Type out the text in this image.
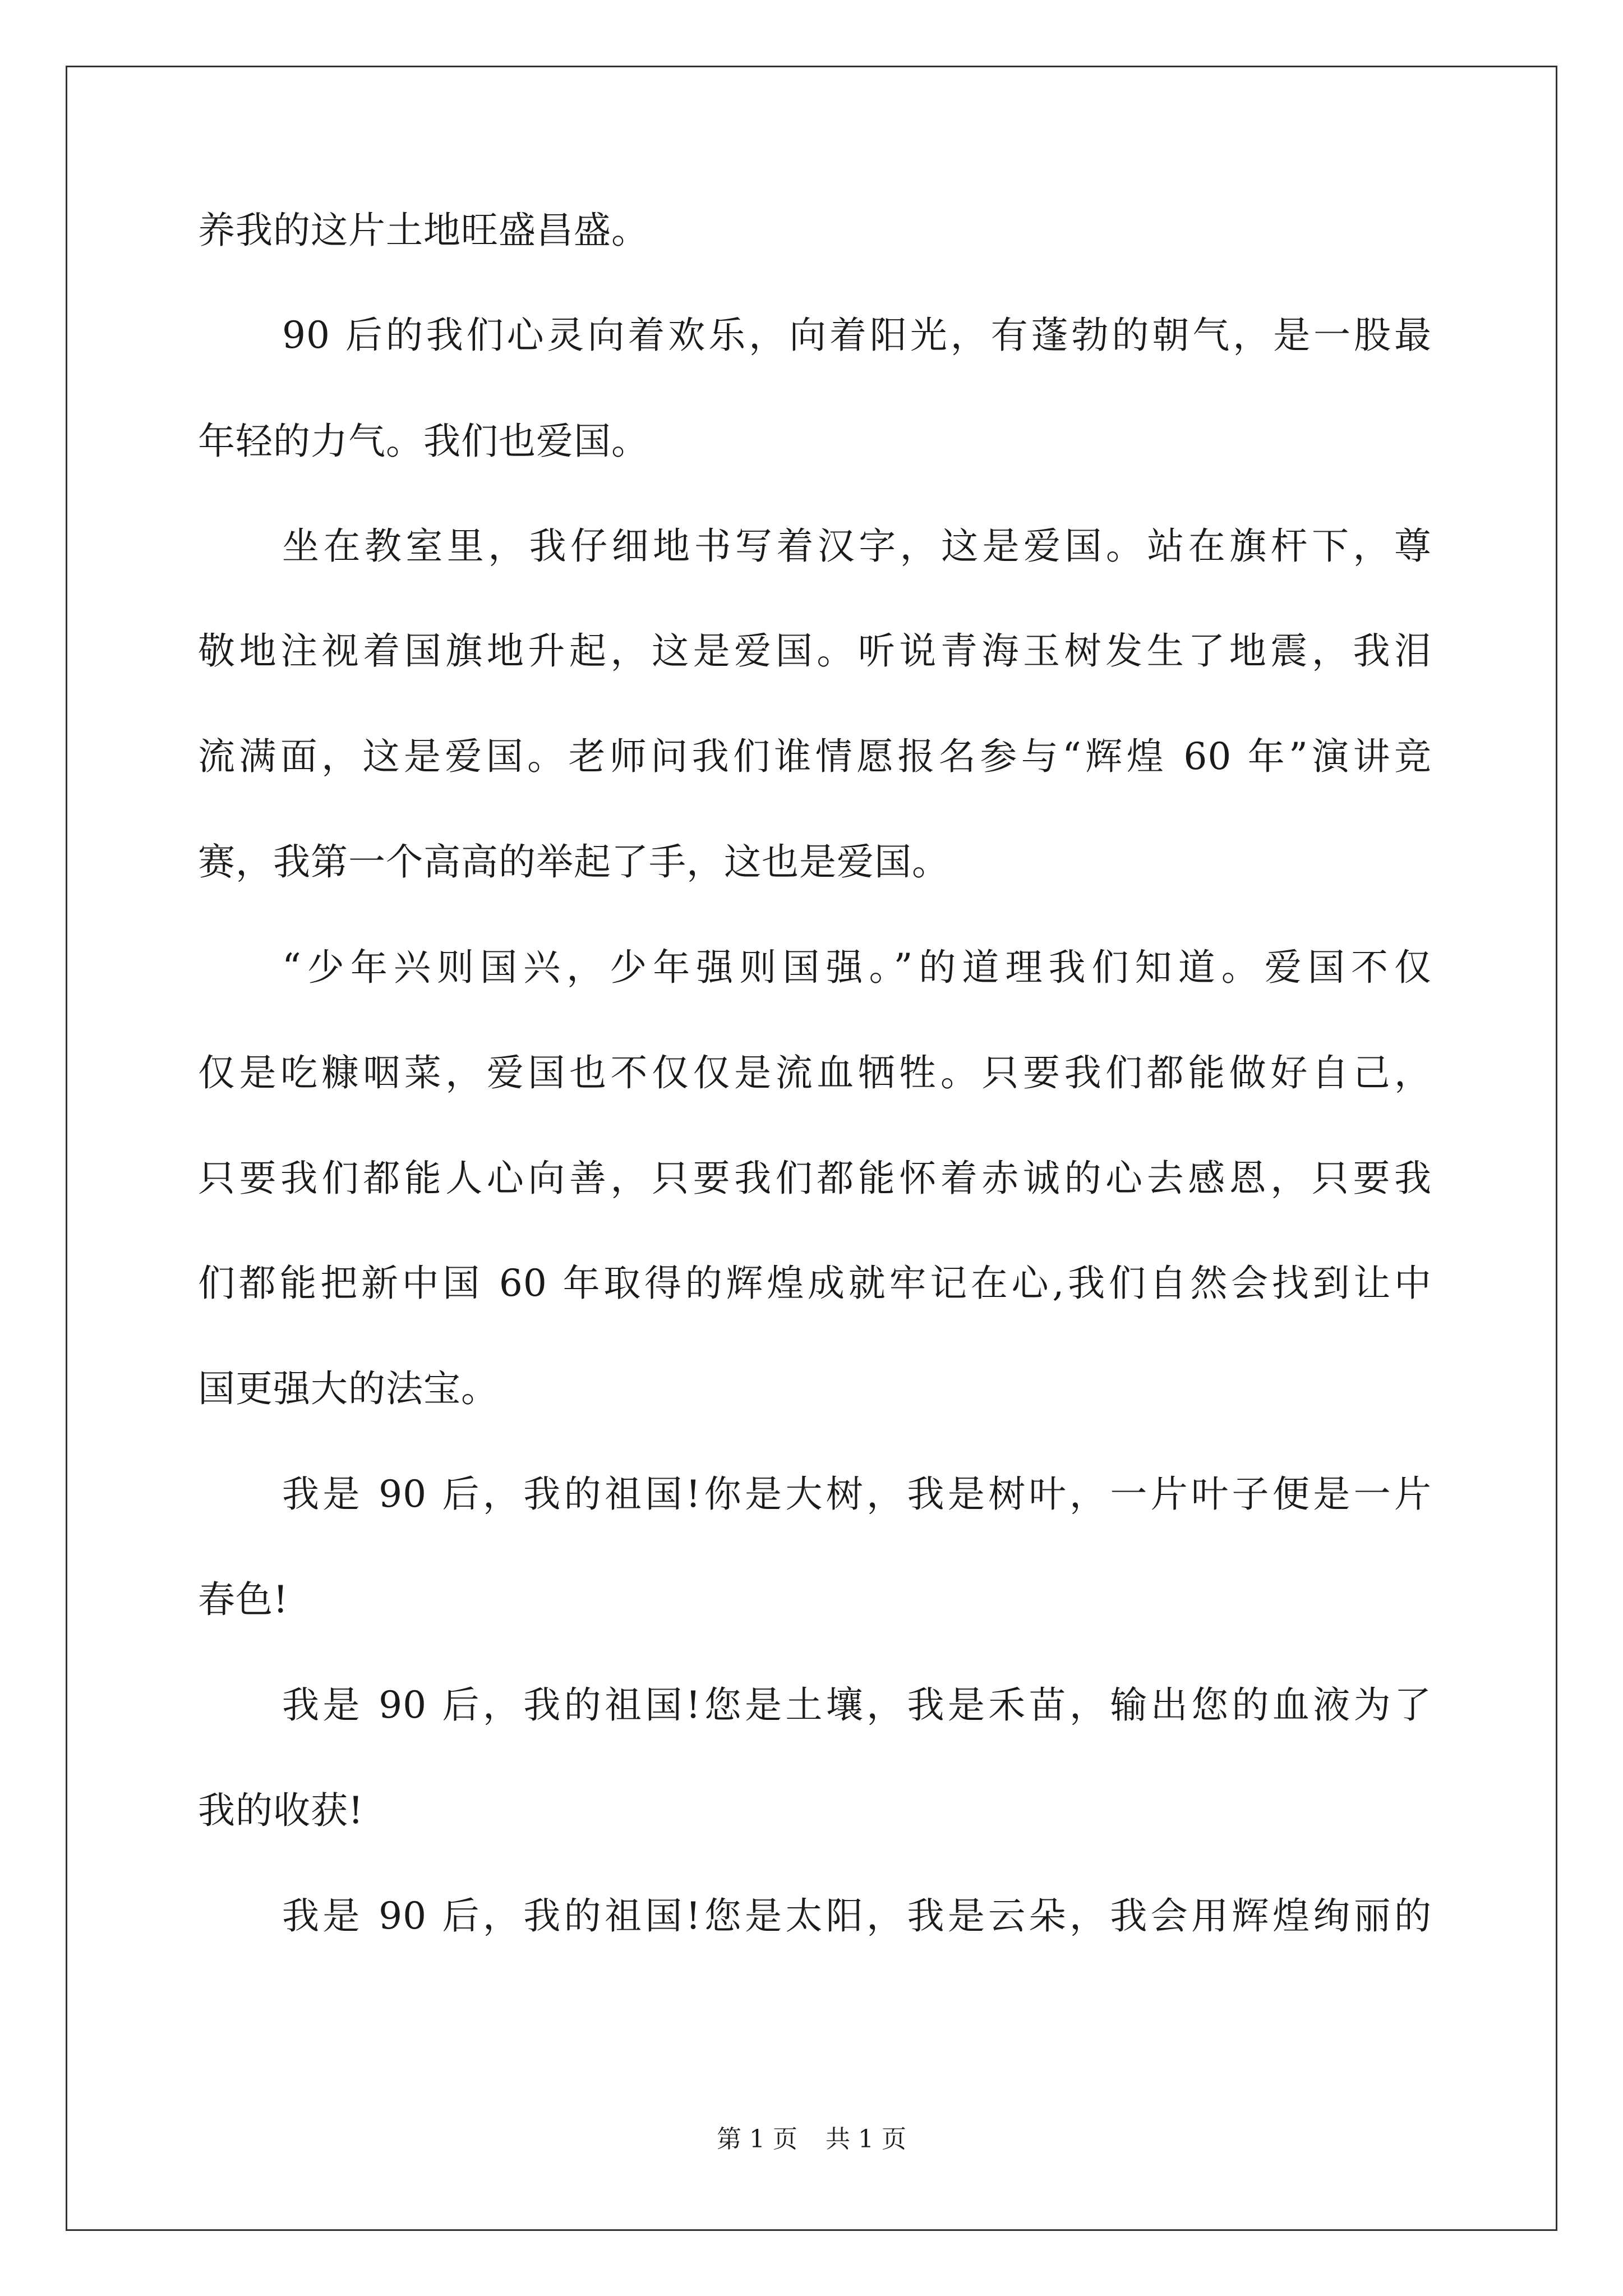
养我的这片土地旺盛昌盛。
90 后的我们心灵向着欢乐，向着阳光，有蓬勃的朝气，是一股最
年轻的力气。我们也爱国。
坐在教室里，我仔细地书写着汉字，这是爱国。站在旗杆下，尊
敬地注视着国旗地升起，这是爱国。听说青海玉树发生了地震，我泪
流满面，这是爱国。老师问我们谁情愿报名参与“辉煌 60 年”演讲竞
赛，我第一个高高的举起了手，这也是爱国。
“少年兴则国兴，少年强则国强。”的道理我们知道。爱国不仅
仅是吃糠咽菜，爱国也不仅仅是流血牺牲。只要我们都能做好自己，
只要我们都能人心向善，只要我们都能怀着赤诚的心去感恩，只要我
们都能把新中国 60 年取得的辉煌成就牢记在心,我们自然会找到让中
国更强大的法宝。
我是 90 后，我的祖国!你是大树，我是树叶，一片叶子便是一片
春色!
我是 90 后，我的祖国!您是土壤，我是禾苗，输出您的血液为了
我的收获!
我是 90 后，我的祖国!您是太阳，我是云朵，我会用辉煌绚丽的
第 1 页 共 1 页
